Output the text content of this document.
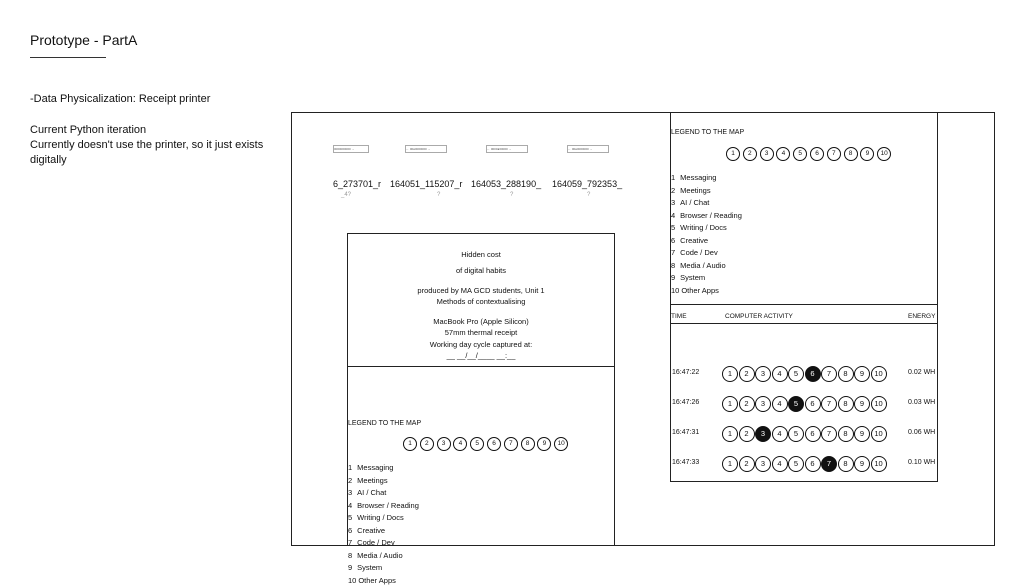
Prototype - PartA
-Data Physicalization: Receipt printer
Current Python iteration
Currently doesn't use the printer, so it just exists
digitally
0000000000 →	← 00●0000000 →	← 0000●00000 →	← 00●0000000 →
6_273701_r
_4?
164051_115207_r
?
164053_288190_
?
164059_792353_
?
Hidden cost
of digital habits
produced by MA GCD students, Unit 1
Methods of contextualising
MacBook Pro (Apple Silicon)
57mm thermal receipt
Working day cycle captured at:
__ __/__/____ __:__
LEGEND TO THE MAP
1	2	3	4	5	6	7	8	9	10
1 Messaging
2 Meetings
3 AI / Chat
4 Browser / Reading
5 Writing / Docs
6 Creative
7 Code / Dev
8 Media / Audio
9 System
10 Other Apps
LEGEND TO THE MAP
1	2	3	4	5	6	7	8	9	10
1 Messaging
2 Meetings
3 AI / Chat
4 Browser / Reading
5 Writing / Docs
6 Creative
7 Code / Dev
8 Media / Audio
9 System
10 Other Apps
TIME	COMPUTER ACTIVITY	ENERGY
16:47:22	1	2	3	4	5	6	7	8	9	10	0.02 WH
16:47:26	1	2	3	4	5	6	7	8	9	10	0.03 WH
16:47:31	1	2	3	4	5	6	7	8	9	10	0.06 WH
16:47:33	1	2	3	4	5	6	7	8	9	10	0.10 WH
